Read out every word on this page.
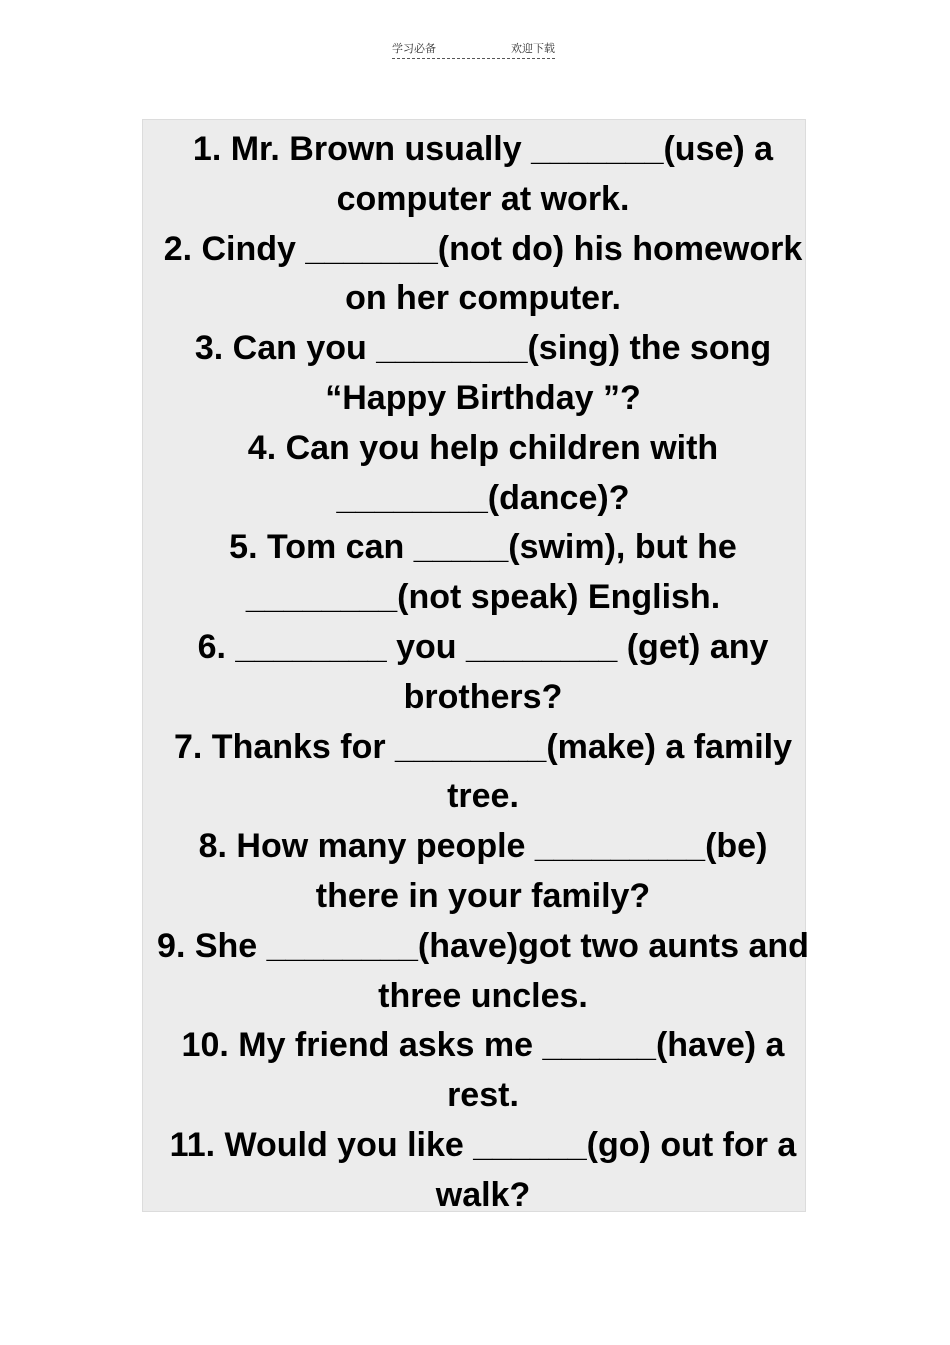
学习必备	欢迎下载
1. Mr. Brown usually _______(use) a
computer at work.
2. Cindy _______(not do) his homework
on her computer.
3. Can you ________(sing) the song
“Happy Birthday ”?
4. Can you help children with
________(dance)?
5. Tom can _____(swim), but he
________(not speak) English.
6. ________ you ________ (get) any
brothers?
7. Thanks for ________(make) a family
tree.
8. How many people _________(be)
there in your family?
9. She ________(have)got two aunts and
three uncles.
10. My friend asks me ______(have) a
rest.
11. Would you like ______(go) out for a
walk?
